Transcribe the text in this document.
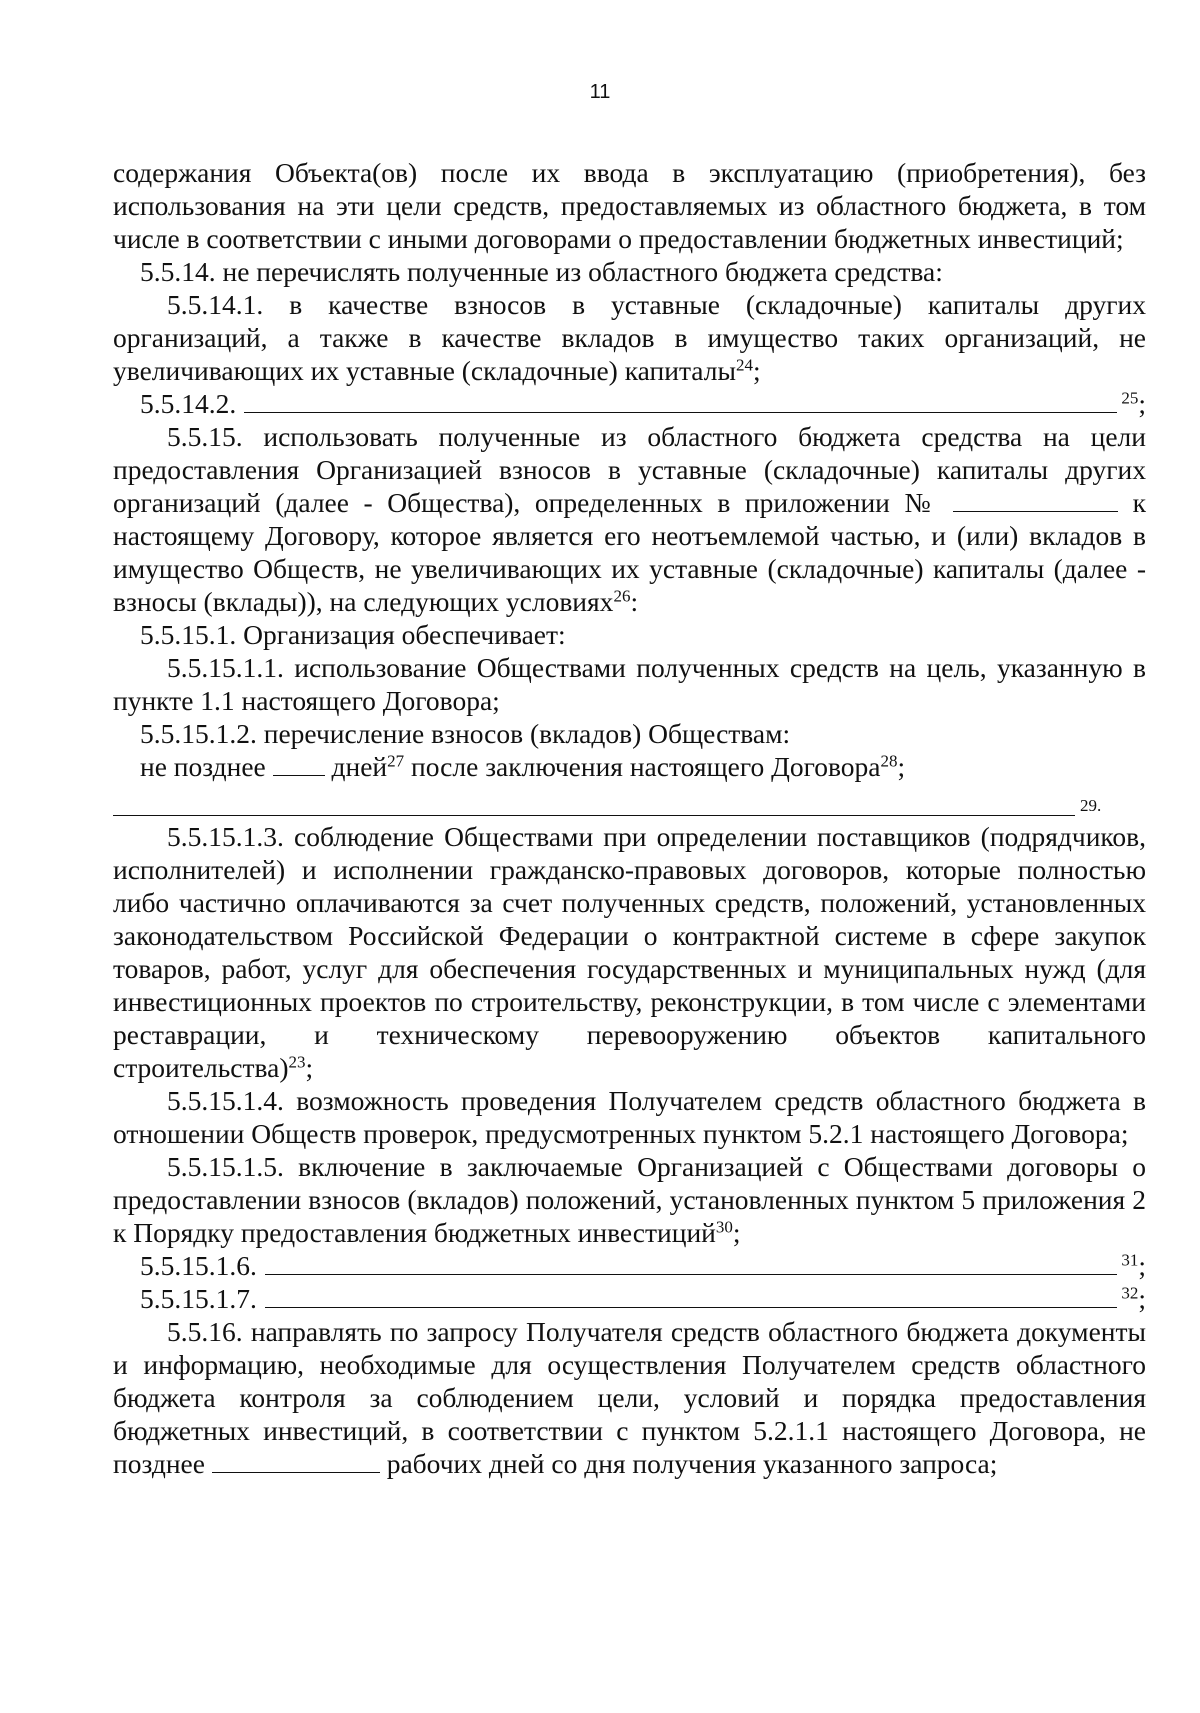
11

содержания Объекта(ов) после их ввода в эксплуатацию (приобретения), без использования на эти цели средств, предоставляемых из областного бюджета, в том числе в соответствии с иными договорами о предоставлении бюджетных инвестиций;

5.5.14. не перечислять полученные из областного бюджета средства:

5.5.14.1. в качестве взносов в уставные (складочные) капиталы других организаций, а также в качестве вкладов в имущество таких организаций, не увеличивающих их уставные (складочные) капиталы$^{24}$;

5.5.14.2.	$^{25}$;

5.5.15. использовать полученные из областного бюджета средства на цели предоставления Организацией взносов в уставные (складочные) капиталы других организаций (далее - Общества), определенных в приложении №	к настоящему Договору, которое является его неотъемлемой частью, и (или) вкладов в имущество Обществ, не увеличивающих их уставные (складочные) капиталы (далее - взносы (вклады)), на следующих условиях$^{26}$:

5.5.15.1. Организация обеспечивает:

5.5.15.1.1. использование Обществами полученных средств на цель, указанную в пункте 1.1 настоящего Договора;

5.5.15.1.2. перечисление взносов (вкладов) Обществам:

не позднее дней$^{27}$ после заключения настоящего Договора$^{28}$;

29.

5.5.15.1.3. соблюдение Обществами при определении поставщиков (подрядчиков, исполнителей) и исполнении гражданско-правовых договоров, которые полностью либо частично оплачиваются за счет полученных средств, положений, установленных законодательством Российской Федерации о контрактной системе в сфере закупок товаров, работ, услуг для обеспечения государственных и муниципальных нужд (для инвестиционных проектов по строительству, реконструкции, в том числе с элементами реставрации, и техническому перевооружению объектов капитального строительства)$^{23}$;

5.5.15.1.4. возможность проведения Получателем средств областного бюджета в отношении Обществ проверок, предусмотренных пунктом 5.2.1 настоящего Договора;

5.5.15.1.5. включение в заключаемые Организацией с Обществами договоры о предоставлении взносов (вкладов) положений, установленных пунктом 5 приложения 2 к Порядку предоставления бюджетных инвестиций$^{30}$;

5.5.15.1.6.	$^{31}$;
5.5.15.1.7.	$^{32}$;

5.5.16. направлять по запросу Получателя средств областного бюджета документы и информацию, необходимые для осуществления Получателем средств областного бюджета контроля за соблюдением цели, условий и порядка предоставления бюджетных инвестиций, в соответствии с пунктом 5.2.1.1 настоящего Договора, не позднее	рабочих дней со дня получения указанного запроса;
